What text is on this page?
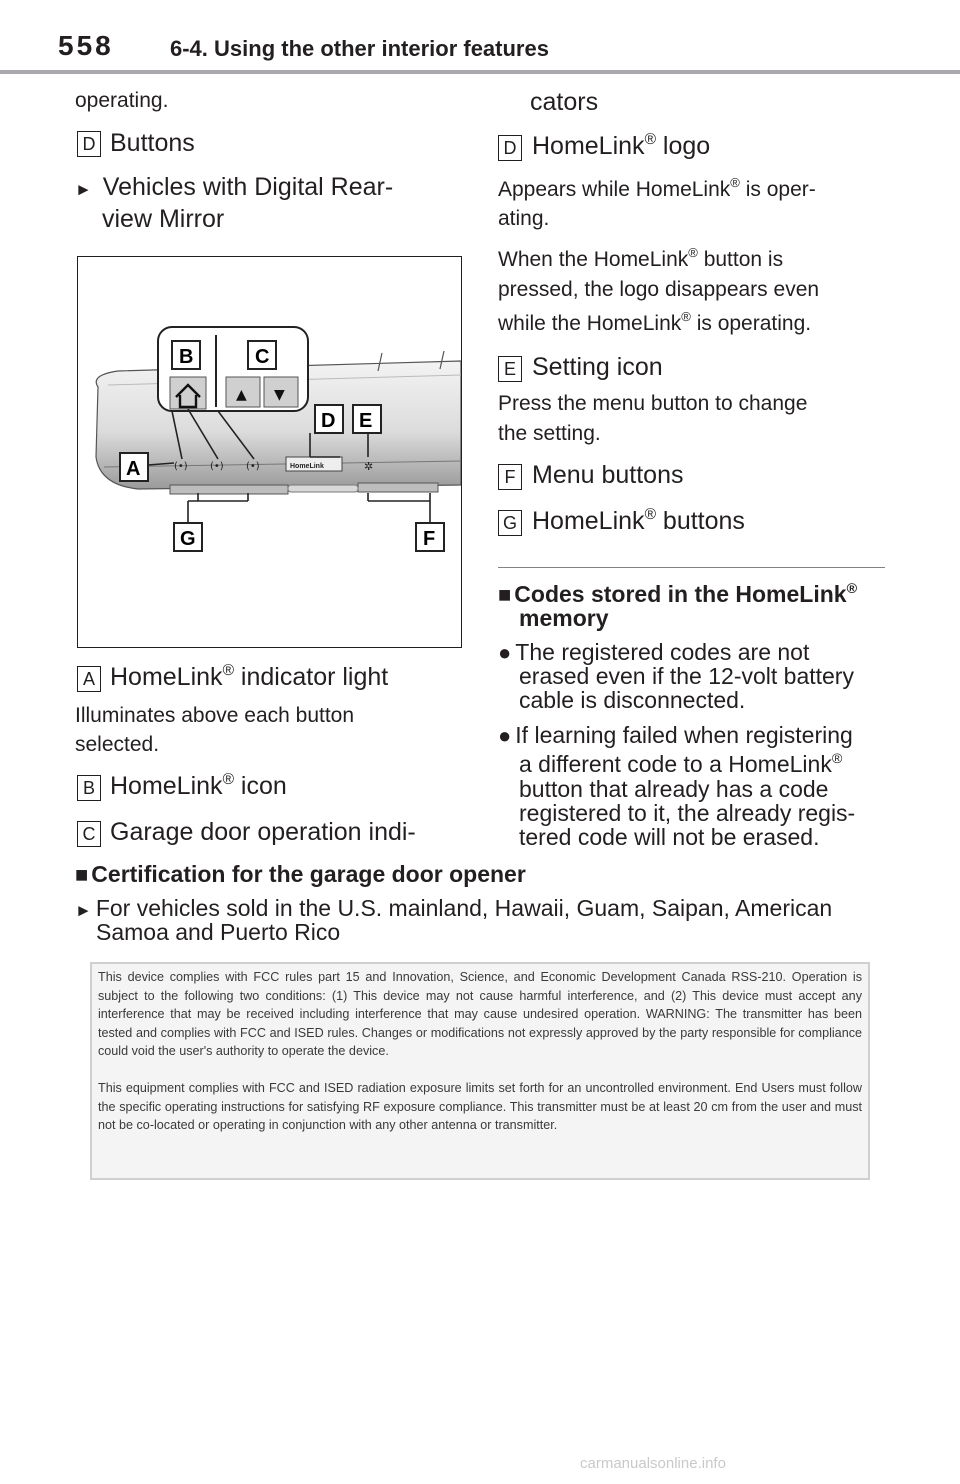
558	6-4. Using the other interior features
operating.
D Buttons
► Vehicles with Digital Rear-
view Mirror
(•) (•) (•)	HomeLink	✲
▲ ▼
B	C
D E
A
G	F
A HomeLink® indicator light
Illuminates above each button
selected.
B HomeLink® icon
C Garage door operation indi-
cators
D HomeLink® logo
Appears while HomeLink® is oper-
ating.
When the HomeLink® button is
pressed, the logo disappears even
while the HomeLink® is operating.
E Setting icon
Press the menu button to change
the setting.
F Menu buttons
G HomeLink® buttons
■ Codes stored in the HomeLink®
memory
● The registered codes are not
erased even if the 12-volt battery
cable is disconnected.
● If learning failed when registering
a different code to a HomeLink®
button that already has a code
registered to it, the already regis-
tered code will not be erased.
■ Certification for the garage door opener
► For vehicles sold in the U.S. mainland, Hawaii, Guam, Saipan, American
Samoa and Puerto Rico

This device complies with FCC rules part 15 and Innovation, Science, and Economic Development Canada RSS-210. Operation is subject to the following two conditions: (1) This device may not cause harmful interference, and (2) This device must accept any interference that may be received including interference that may cause undesired operation. WARNING: The transmitter has been tested and complies with FCC and ISED rules. Changes or modifications not expressly approved by the party responsible for compliance could void the user's authority to operate the device.

This equipment complies with FCC and ISED radiation exposure limits set forth for an uncontrolled environment. End Users must follow the specific operating instructions for satisfying RF exposure compliance. This transmitter must be at least 20 cm from the user and must not be co-located or operating in conjunction with any other antenna or transmitter.

carmanualsonline.info
